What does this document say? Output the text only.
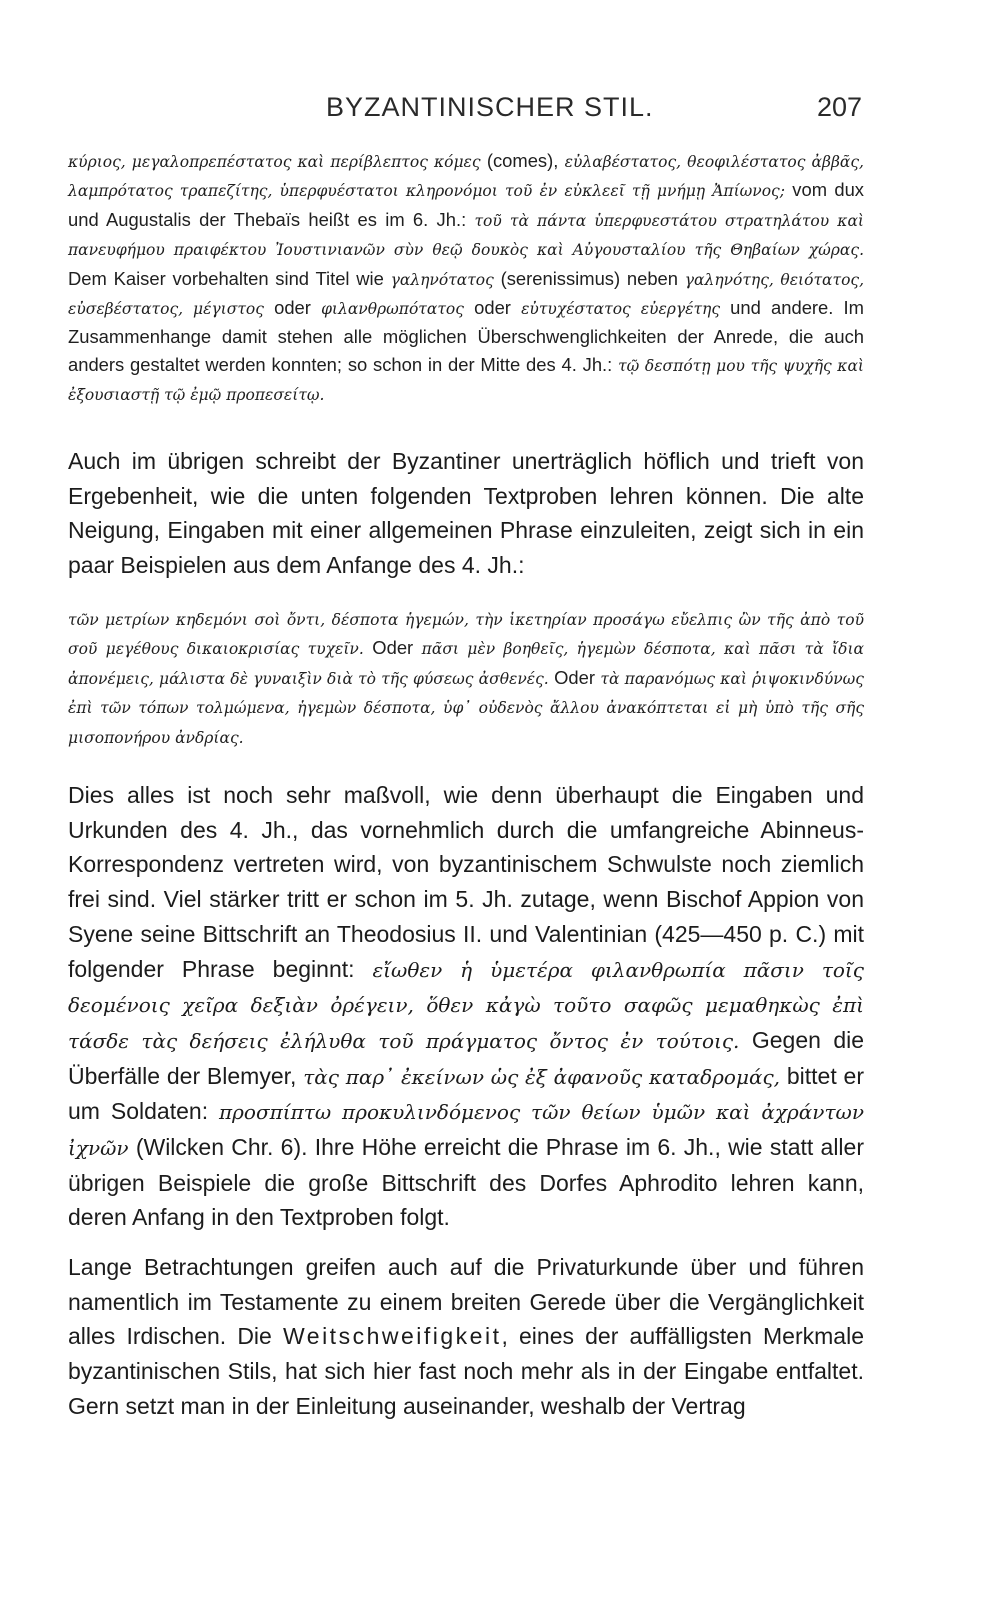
BYZANTINISCHER STIL.	207
κύριος, μεγαλοπρεπέστατος καὶ περίβλεπτος κόμες (comes), εὐλαβέστατος, θεοφιλέστατος ἀββᾶς, λαμπρότατος τραπεζίτης, ὑπερφυέστατοι κληρονόμοι τοῦ ἐν εὐκλεεῖ τῇ μνήμῃ Ἀπίωνος; vom dux und Augustalis der Thebaïs heißt es im 6. Jh.: τοῦ τὰ πάντα ὑπερφυεστάτου στρατηλάτου καὶ πανευφήμου πραιφέκτου Ἰουστινιανῶν σὺν θεῷ δουκὸς καὶ Αὐγουσταλίου τῆς Θηβαίων χώρας. Dem Kaiser vorbehalten sind Titel wie γαληνότατος (serenissimus) neben γαληνότης, θειότατος, εὐσεβέστατος, μέγιστος oder φιλανθρωπότατος oder εὐτυχέστατος εὐεργέτης und andere. Im Zusammenhange damit stehen alle möglichen Überschwenglichkeiten der Anrede, die auch anders gestaltet werden konnten; so schon in der Mitte des 4. Jh.: τῷ δεσπότῃ μου τῆς ψυχῆς καὶ ἐξουσιαστῇ τῷ ἐμῷ προπεσείτῳ.
Auch im übrigen schreibt der Byzantiner unerträglich höflich und trieft von Ergebenheit, wie die unten folgenden Textproben lehren können. Die alte Neigung, Eingaben mit einer allgemeinen Phrase einzuleiten, zeigt sich in ein paar Beispielen aus dem Anfange des 4. Jh.:
τῶν μετρίων κηδεμόνι σοὶ ὄντι, δέσποτα ἡγεμών, τὴν ἱκετηρίαν προσάγω εὔελπις ὢν τῆς ἀπὸ τοῦ σοῦ μεγέθους δικαιοκρισίας τυχεῖν. Oder πᾶσι μὲν βοηθεῖς, ἡγεμὼν δέσποτα, καὶ πᾶσι τὰ ἴδια ἀπονέμεις, μάλιστα δὲ γυναιξὶν διὰ τὸ τῆς φύσεως ἀσθενές. Oder τὰ παρανόμως καὶ ῥιψοκινδύνως ἐπὶ τῶν τόπων τολμώμενα, ἡγεμὼν δέσποτα, ὑφ᾿ οὐδενὸς ἄλλου ἀνακόπτεται εἰ μὴ ὑπὸ τῆς σῆς μισοπονήρου ἀνδρίας.
Dies alles ist noch sehr maßvoll, wie denn überhaupt die Eingaben und Urkunden des 4. Jh., das vornehmlich durch die umfangreiche Abinneus-Korrespondenz vertreten wird, von byzantinischem Schwulste noch ziemlich frei sind. Viel stärker tritt er schon im 5. Jh. zutage, wenn Bischof Appion von Syene seine Bittschrift an Theodosius II. und Valentinian (425—450 p. C.) mit folgender Phrase beginnt: εἴωθεν ἡ ὑμετέρα φιλανθρωπία πᾶσιν τοῖς δεομένοις χεῖρα δεξιὰν ὀρέγειν, ὅθεν κἀγὼ τοῦτο σαφῶς μεμαθηκὼς ἐπὶ τάσδε τὰς δεήσεις ἐλήλυθα τοῦ πράγματος ὄντος ἐν τούτοις. Gegen die Überfälle der Blemyer, τὰς παρ᾿ ἐκείνων ὡς ἐξ ἀφανοῦς καταδρομάς, bittet er um Soldaten: προσπίπτω προκυλινδόμενος τῶν θείων ὑμῶν καὶ ἀχράντων ἰχνῶν (Wilcken Chr. 6). Ihre Höhe erreicht die Phrase im 6. Jh., wie statt aller übrigen Beispiele die große Bittschrift des Dorfes Aphrodito lehren kann, deren Anfang in den Textproben folgt.
Lange Betrachtungen greifen auch auf die Privaturkunde über und führen namentlich im Testamente zu einem breiten Gerede über die Vergänglichkeit alles Irdischen. Die Weitschweifigkeit, eines der auffälligsten Merkmale byzantinischen Stils, hat sich hier fast noch mehr als in der Eingabe entfaltet. Gern setzt man in der Einleitung auseinander, weshalb der Vertrag
